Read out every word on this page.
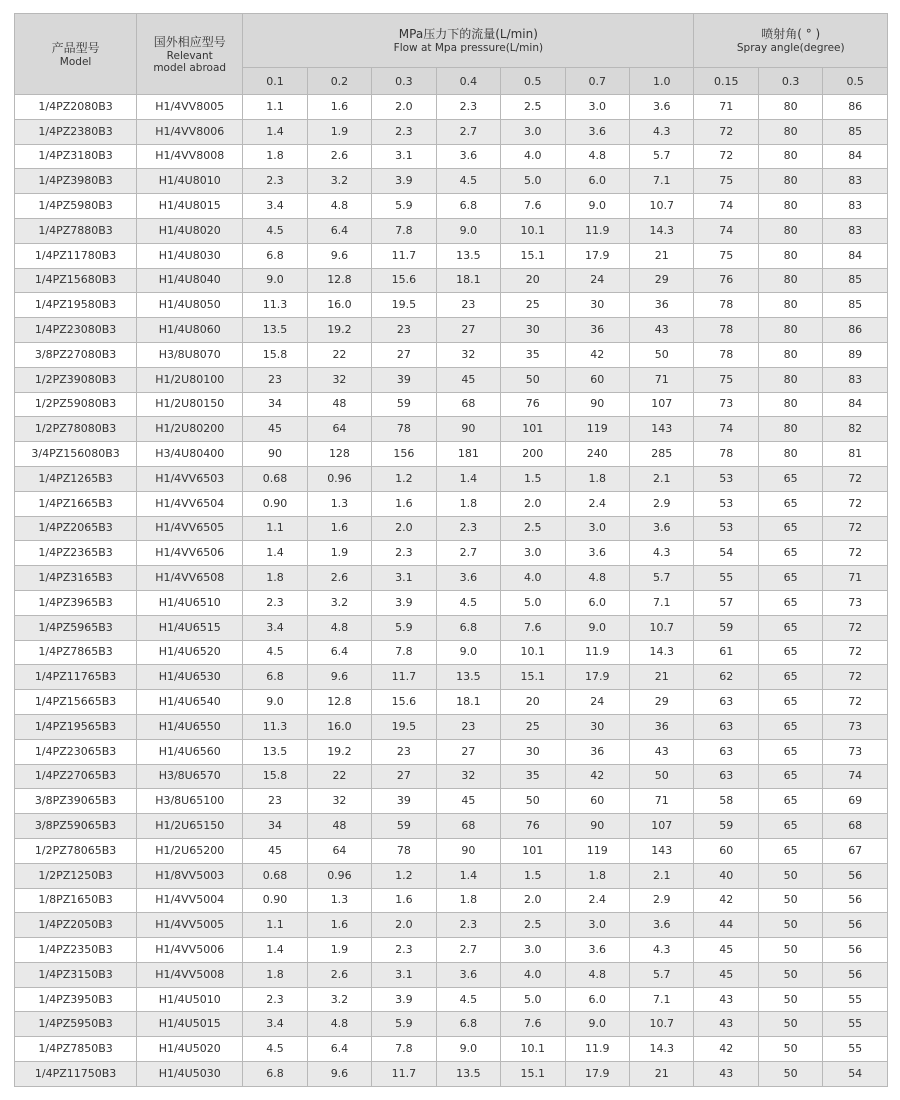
产品型号
Model	国外相应型号
Relevant
model abroad	MPa压力下的流量(L/min)
Flow at Mpa pressure(L/min)							喷射角( ° )
Spray angle(degree)		

		0.1	0.2	0.3	0.4	0.5	0.7	1.0	0.15	0.3	0.5
1/4PZ2080B3	H1/4VV8005	1.1	1.6	2.0	2.3	2.5	3.0	3.6	71	80	86
1/4PZ2380B3	H1/4VV8006	1.4	1.9	2.3	2.7	3.0	3.6	4.3	72	80	85
1/4PZ3180B3	H1/4VV8008	1.8	2.6	3.1	3.6	4.0	4.8	5.7	72	80	84
1/4PZ3980B3	H1/4U8010	2.3	3.2	3.9	4.5	5.0	6.0	7.1	75	80	83
1/4PZ5980B3	H1/4U8015	3.4	4.8	5.9	6.8	7.6	9.0	10.7	74	80	83
1/4PZ7880B3	H1/4U8020	4.5	6.4	7.8	9.0	10.1	11.9	14.3	74	80	83
1/4PZ11780B3	H1/4U8030	6.8	9.6	11.7	13.5	15.1	17.9	21	75	80	84
1/4PZ15680B3	H1/4U8040	9.0	12.8	15.6	18.1	20	24	29	76	80	85
1/4PZ19580B3	H1/4U8050	11.3	16.0	19.5	23	25	30	36	78	80	85
1/4PZ23080B3	H1/4U8060	13.5	19.2	23	27	30	36	43	78	80	86
3/8PZ27080B3	H3/8U8070	15.8	22	27	32	35	42	50	78	80	89
1/2PZ39080B3	H1/2U80100	23	32	39	45	50	60	71	75	80	83
1/2PZ59080B3	H1/2U80150	34	48	59	68	76	90	107	73	80	84
1/2PZ78080B3	H1/2U80200	45	64	78	90	101	119	143	74	80	82
3/4PZ156080B3	H3/4U80400	90	128	156	181	200	240	285	78	80	81
1/4PZ1265B3	H1/4VV6503	0.68	0.96	1.2	1.4	1.5	1.8	2.1	53	65	72
1/4PZ1665B3	H1/4VV6504	0.90	1.3	1.6	1.8	2.0	2.4	2.9	53	65	72
1/4PZ2065B3	H1/4VV6505	1.1	1.6	2.0	2.3	2.5	3.0	3.6	53	65	72
1/4PZ2365B3	H1/4VV6506	1.4	1.9	2.3	2.7	3.0	3.6	4.3	54	65	72
1/4PZ3165B3	H1/4VV6508	1.8	2.6	3.1	3.6	4.0	4.8	5.7	55	65	71
1/4PZ3965B3	H1/4U6510	2.3	3.2	3.9	4.5	5.0	6.0	7.1	57	65	73
1/4PZ5965B3	H1/4U6515	3.4	4.8	5.9	6.8	7.6	9.0	10.7	59	65	72
1/4PZ7865B3	H1/4U6520	4.5	6.4	7.8	9.0	10.1	11.9	14.3	61	65	72
1/4PZ11765B3	H1/4U6530	6.8	9.6	11.7	13.5	15.1	17.9	21	62	65	72
1/4PZ15665B3	H1/4U6540	9.0	12.8	15.6	18.1	20	24	29	63	65	72
1/4PZ19565B3	H1/4U6550	11.3	16.0	19.5	23	25	30	36	63	65	73
1/4PZ23065B3	H1/4U6560	13.5	19.2	23	27	30	36	43	63	65	73
1/4PZ27065B3	H3/8U6570	15.8	22	27	32	35	42	50	63	65	74
3/8PZ39065B3	H3/8U65100	23	32	39	45	50	60	71	58	65	69
3/8PZ59065B3	H1/2U65150	34	48	59	68	76	90	107	59	65	68
1/2PZ78065B3	H1/2U65200	45	64	78	90	101	119	143	60	65	67
1/2PZ1250B3	H1/8VV5003	0.68	0.96	1.2	1.4	1.5	1.8	2.1	40	50	56
1/8PZ1650B3	H1/4VV5004	0.90	1.3	1.6	1.8	2.0	2.4	2.9	42	50	56
1/4PZ2050B3	H1/4VV5005	1.1	1.6	2.0	2.3	2.5	3.0	3.6	44	50	56
1/4PZ2350B3	H1/4VV5006	1.4	1.9	2.3	2.7	3.0	3.6	4.3	45	50	56
1/4PZ3150B3	H1/4VV5008	1.8	2.6	3.1	3.6	4.0	4.8	5.7	45	50	56
1/4PZ3950B3	H1/4U5010	2.3	3.2	3.9	4.5	5.0	6.0	7.1	43	50	55
1/4PZ5950B3	H1/4U5015	3.4	4.8	5.9	6.8	7.6	9.0	10.7	43	50	55
1/4PZ7850B3	H1/4U5020	4.5	6.4	7.8	9.0	10.1	11.9	14.3	42	50	55
1/4PZ11750B3	H1/4U5030	6.8	9.6	11.7	13.5	15.1	17.9	21	43	50	54
